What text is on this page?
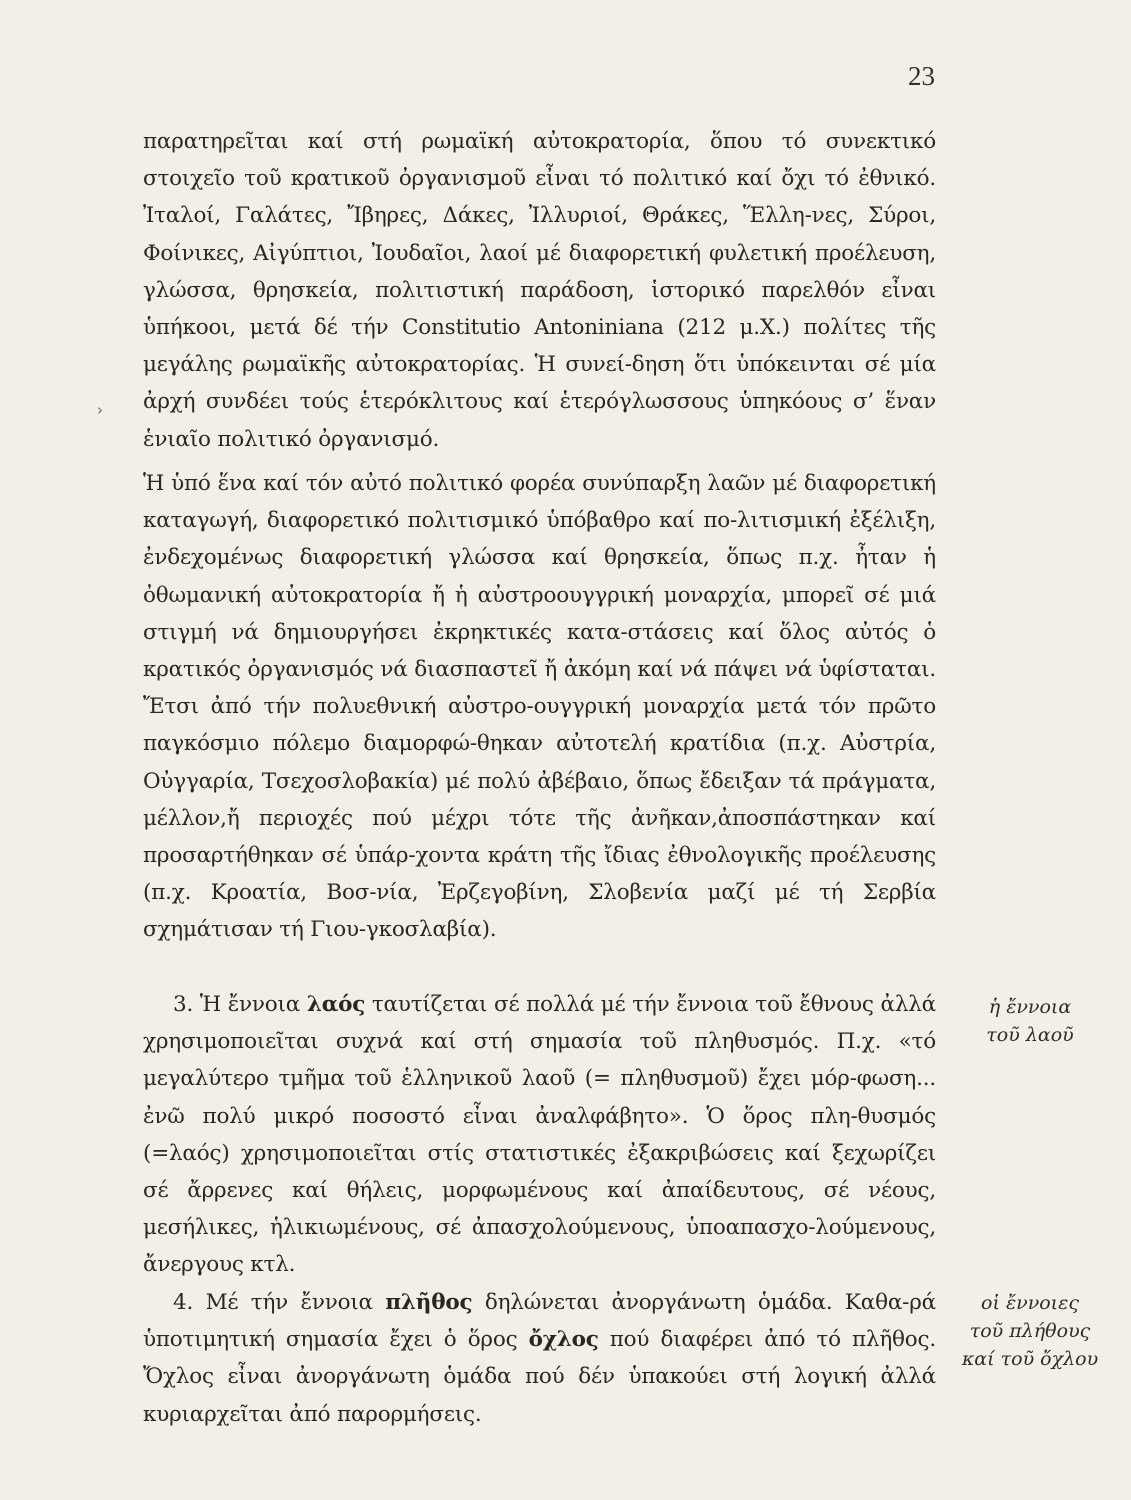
23
›
παρατηρεῖται καί στή ρωμαϊκή αὐτοκρατορία, ὅπου τό συνεκτικό στοιχεῖο τοῦ κρατικοῦ ὀργανισμοῦ εἶναι τό πολιτικό καί ὄχι τό ἐθνικό. Ἰταλοί, Γαλάτες, Ἴβηρες, Δάκες, Ἰλλυριοί, Θράκες, Ἕλλη-νες, Σύροι, Φοίνικες, Αἰγύπτιοι, Ἰουδαῖοι, λαοί μέ διαφορετική φυλετική προέλευση, γλώσσα, θρησκεία, πολιτιστική παράδοση, ἱστορικό παρελθόν εἶναι ὑπήκοοι, μετά δέ τήν Constitutio Antoniniana (212 μ.Χ.) πολίτες τῆς μεγάλης ρωμαϊκῆς αὐτοκρατορίας. Ἡ συνεί-δηση ὅτι ὑπόκεινται σέ μία ἀρχή συνδέει τούς ἑτερόκλιτους καί ἑτερόγλωσσους ὑπηκόους σ’ ἕναν ἑνιαῖο πολιτικό ὀργανισμό.
Ἡ ὑπό ἕνα καί τόν αὐτό πολιτικό φορέα συνύπαρξη λαῶν μέ διαφορετική καταγωγή, διαφορετικό πολιτισμικό ὑπόβαθρο καί πο-λιτισμική ἐξέλιξη, ἐνδεχομένως διαφορετική γλώσσα καί θρησκεία, ὅπως π.χ. ἦταν ἡ ὀθωμανική αὐτοκρατορία ἤ ἡ αὐστροουγγρική μοναρχία, μπορεῖ σέ μιά στιγμή νά δημιουργήσει ἐκρηκτικές κατα-στάσεις καί ὅλος αὐτός ὁ κρατικός ὀργανισμός νά διασπαστεῖ ἤ ἀκόμη καί νά πάψει νά ὑφίσταται. Ἔτσι ἀπό τήν πολυεθνική αὐστρο-ουγγρική μοναρχία μετά τόν πρῶτο παγκόσμιο πόλεμο διαμορφώ-θηκαν αὐτοτελή κρατίδια (π.χ. Αὐστρία, Οὐγγαρία, Τσεχοσλοβακία) μέ πολύ ἀβέβαιο, ὅπως ἔδειξαν τά πράγματα, μέλλον,ἤ περιοχές πού μέχρι τότε τῆς ἀνῆκαν,ἀποσπάστηκαν καί προσαρτήθηκαν σέ ὑπάρ-χοντα κράτη τῆς ἴδιας ἐθνολογικῆς προέλευσης (π.χ. Κροατία, Βοσ-νία, Ἐρζεγοβίνη, Σλοβενία μαζί μέ τή Σερβία σχημάτισαν τή Γιου-γκοσλαβία).
3. Ἡ ἔννοια λαός ταυτίζεται σέ πολλά μέ τήν ἔννοια τοῦ ἔθνους ἀλλά χρησιμοποιεῖται συχνά καί στή σημασία τοῦ πληθυσμός. Π.χ. «τό μεγαλύτερο τμῆμα τοῦ ἑλληνικοῦ λαοῦ (= πληθυσμοῦ) ἔχει μόρ-φωση... ἐνῶ πολύ μικρό ποσοστό εἶναι ἀναλφάβητο». Ὁ ὅρος πλη-θυσμός (=λαός) χρησιμοποιεῖται στίς στατιστικές ἐξακριβώσεις καί ξεχωρίζει σέ ἄρρενες καί θήλεις, μορφωμένους καί ἀπαίδευτους, σέ νέους, μεσήλικες, ἡλικιωμένους, σέ ἀπασχολούμενους, ὑποαπασχο-λούμενους, ἄνεργους κτλ.
4. Μέ τήν ἔννοια πλῆθος δηλώνεται ἀνοργάνωτη ὁμάδα. Καθα-ρά ὑποτιμητική σημασία ἔχει ὁ ὅρος ὄχλος πού διαφέρει ἀπό τό πλῆθος. Ὄχλος εἶναι ἀνοργάνωτη ὁμάδα πού δέν ὑπακούει στή λογική ἀλλά κυριαρχεῖται ἀπό παρορμήσεις.
ἡ ἔννοια
τοῦ λαοῦ
οἱ ἔννοιες
τοῦ πλήθους
καί τοῦ ὄχλου
